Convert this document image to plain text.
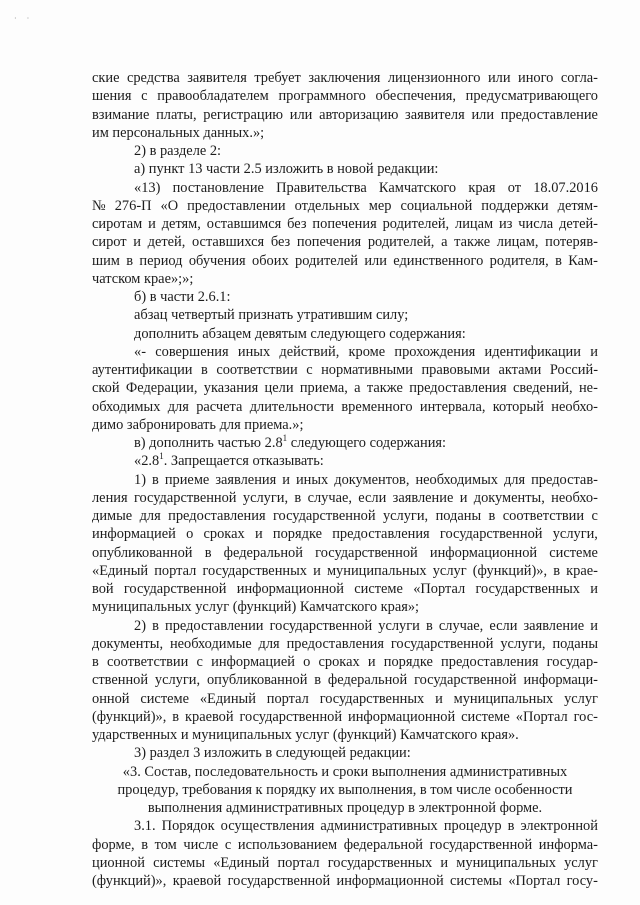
· ·
ские средства заявителя требует заключения лицензионного или иного согла-
шения с правообладателем программного обеспечения, предусматривающего
взимание платы, регистрацию или авторизацию заявителя или предоставление
им персональных данных.»;
2) в разделе 2:
а) пункт 13 части 2.5 изложить в новой редакции:
«13) постановление Правительства Камчатского края от 18.07.2016
№ 276-П «О предоставлении отдельных мер социальной поддержки детям-
сиротам и детям, оставшимся без попечения родителей, лицам из числа детей-
сирот и детей, оставшихся без попечения родителей, а также лицам, потеряв-
шим в период обучения обоих родителей или единственного родителя, в Кам-
чатском крае»;»;
б) в части 2.6.1:
абзац четвертый признать утратившим силу;
дополнить абзацем девятым следующего содержания:
«- совершения иных действий, кроме прохождения идентификации и
аутентификации в соответствии с нормативными правовыми актами Россий-
ской Федерации, указания цели приема, а также предоставления сведений, не-
обходимых для расчета длительности временного интервала, который необхо-
димо забронировать для приема.»;
в) дополнить частью $2.8^1$ следующего содержания:
«$2.8^1$. Запрещается отказывать:
1) в приеме заявления и иных документов, необходимых для предостав-
ления государственной услуги, в случае, если заявление и документы, необхо-
димые для предоставления государственной услуги, поданы в соответствии с
информацией о сроках и порядке предоставления государственной услуги,
опубликованной в федеральной государственной информационной системе
«Единый портал государственных и муниципальных услуг (функций)», в крае-
вой государственной информационной системе «Портал государственных и
муниципальных услуг (функций) Камчатского края»;
2) в предоставлении государственной услуги в случае, если заявление и
документы, необходимые для предоставления государственной услуги, поданы
в соответствии с информацией о сроках и порядке предоставления государ-
ственной услуги, опубликованной в федеральной государственной информаци-
онной системе «Единый портал государственных и муниципальных услуг
(функций)», в краевой государственной информационной системе «Портал гос-
ударственных и муниципальных услуг (функций) Камчатского края».
3) раздел 3 изложить в следующей редакции:
«3. Состав, последовательность и сроки выполнения административных
процедур, требования к порядку их выполнения, в том числе особенности
выполнения административных процедур в электронной форме.
3.1. Порядок осуществления административных процедур в электронной
форме, в том числе с использованием федеральной государственной информа-
ционной системы «Единый портал государственных и муниципальных услуг
(функций)», краевой государственной информационной системы «Портал госу-
